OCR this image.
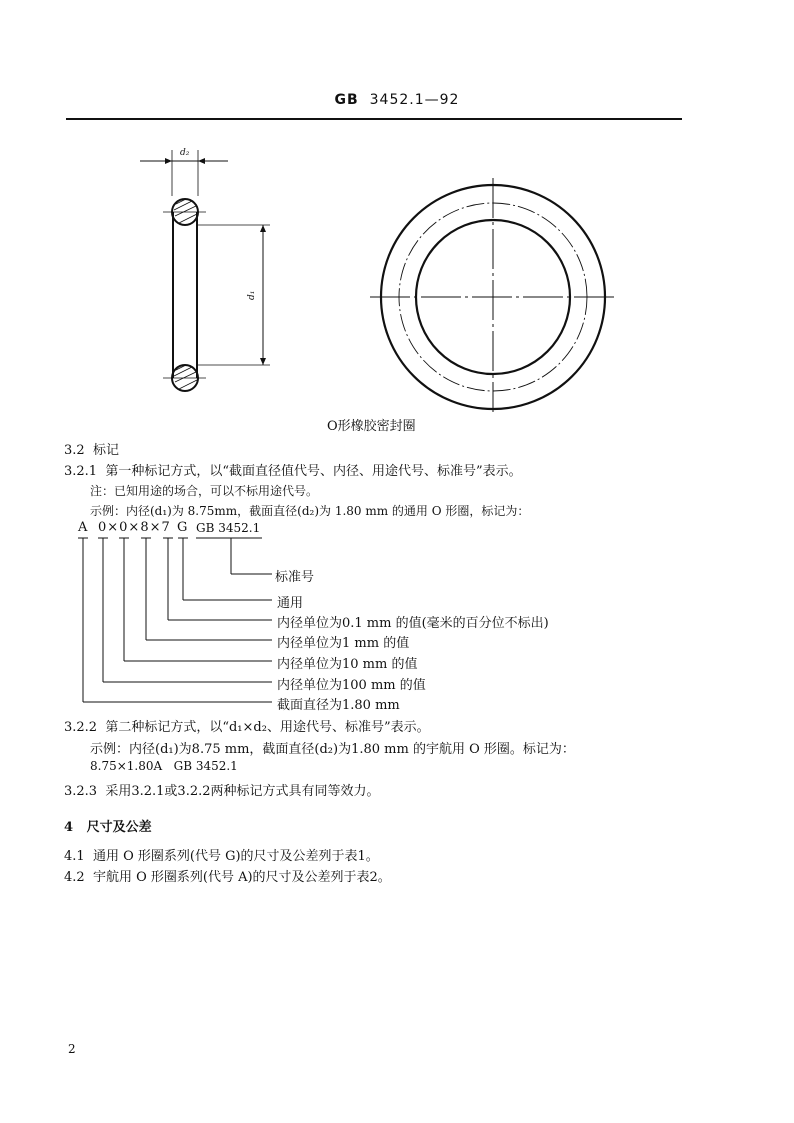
GB 3452.1—92
d₂
d₁
O形橡胶密封圈
3.2 标记
3.2.1 第一种标记方式，以“截面直径值代号、内径、用途代号、标准号”表示。
注：已知用途的场合，可以不标用途代号。
示例：内径(d₁)为 8.75mm，截面直径(d₂)为 1.80 mm 的通用 O 形圈，标记为：
A 0×0×8×7 G GB 3452.1
标准号
通用
内径单位为0.1 mm 的值(毫米的百分位不标出)
内径单位为1 mm 的值
内径单位为10 mm 的值
内径单位为100 mm 的值
截面直径为1.80 mm
3.2.2 第二种标记方式，以“d₁×d₂、用途代号、标准号”表示。
示例：内径(d₁)为8.75 mm，截面直径(d₂)为1.80 mm 的宇航用 O 形圈。标记为：
8.75×1.80A   GB 3452.1
3.2.3 采用3.2.1或3.2.2两种标记方式具有同等效力。
4 尺寸及公差
4.1 通用 O 形圈系列(代号 G)的尺寸及公差列于表1。
4.2 宇航用 O 形圈系列(代号 A)的尺寸及公差列于表2。
2
